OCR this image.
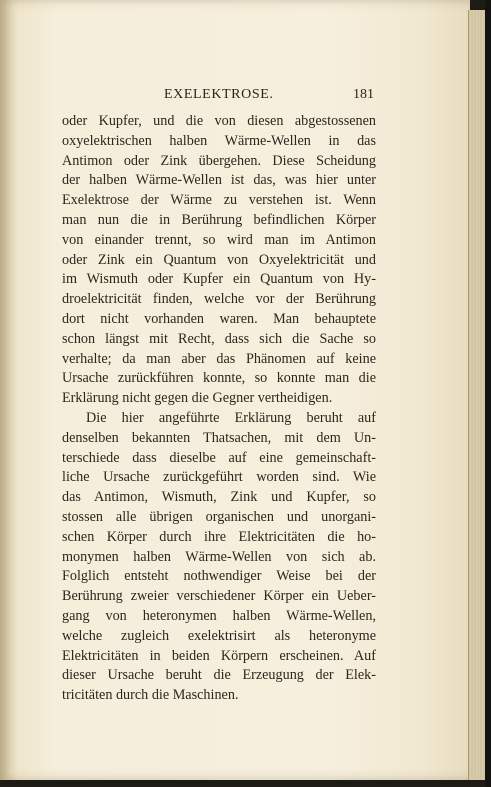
EXELEKTROSE.	181
oder Kupfer, und die von diesen abgestossenen
oxyelektrischen halben Wärme-Wellen in das
Antimon oder Zink übergehen. Diese Scheidung
der halben Wärme-Wellen ist das, was hier unter
Exelektrose der Wärme zu verstehen ist. Wenn
man nun die in Berührung befindlichen Körper
von einander trennt, so wird man im Antimon
oder Zink ein Quantum von Oxyelektricität und
im Wismuth oder Kupfer ein Quantum von Hy-
droelektricität finden, welche vor der Berührung
dort nicht vorhanden waren. Man behauptete
schon längst mit Recht, dass sich die Sache so
verhalte; da man aber das Phänomen auf keine
Ursache zurückführen konnte, so konnte man die
Erklärung nicht gegen die Gegner vertheidigen.
Die hier angeführte Erklärung beruht auf
denselben bekannten Thatsachen, mit dem Un-
terschiede dass dieselbe auf eine gemeinschaft-
liche Ursache zurückgeführt worden sind. Wie
das Antimon, Wismuth, Zink und Kupfer, so
stossen alle übrigen organischen und unorgani-
schen Körper durch ihre Elektricitäten die ho-
monymen halben Wärme-Wellen von sich ab.
Folglich entsteht nothwendiger Weise bei der
Berührung zweier verschiedener Körper ein Ueber-
gang von heteronymen halben Wärme-Wellen,
welche zugleich exelektrisirt als heteronyme
Elektricitäten in beiden Körpern erscheinen. Auf
dieser Ursache beruht die Erzeugung der Elek-
tricitäten durch die Maschinen.
